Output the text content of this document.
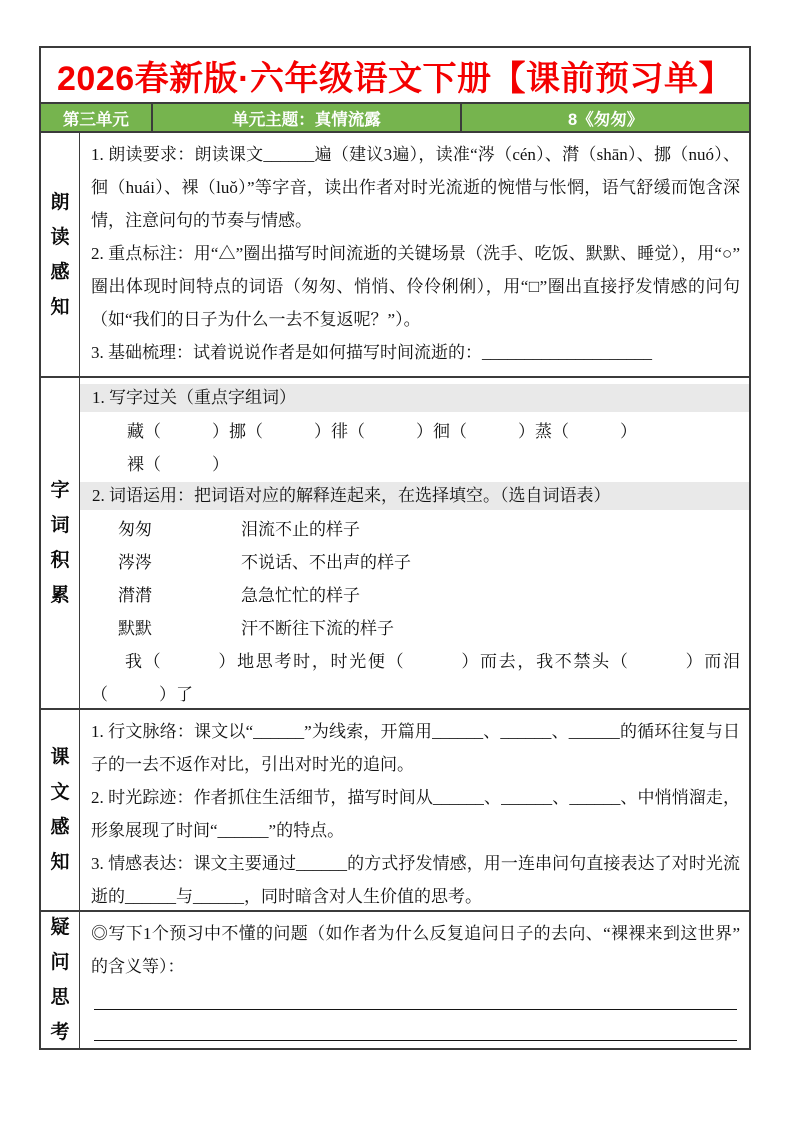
2026春新版·六年级语文下册【课前预习单】
第三单元	单元主题：真情流露	8《匆匆》
朗读感知
1. 朗读要求：朗读课文______遍（建议3遍），读准“涔（cén）、潸（shān）、挪（nuó）、徊（huái）、裸（luǒ）”等字音，读出作者对时光流逝的惋惜与怅惘，语气舒缓而饱含深情，注意问句的节奏与情感。
2. 重点标注：用“△”圈出描写时间流逝的关键场景（洗手、吃饭、默默、睡觉），用“○”圈出体现时间特点的词语（匆匆、悄悄、伶伶俐俐），用“□”圈出直接抒发情感的问句（如“我们的日子为什么一去不复返呢？”）。
3. 基础梳理：试着说说作者是如何描写时间流逝的：____________________
字词积累
1. 写字过关（重点字组词）
藏（　　　）挪（　　　）徘（　　　）徊（　　　）蒸（　　　）
裸（　　　）
2. 词语运用：把词语对应的解释连起来，在选择填空。（选自词语表）
匆匆	泪流不止的样子
涔涔	不说话、不出声的样子
潸潸	急急忙忙的样子
默默	汗不断往下流的样子
我（　　　）地思考时，时光便（　　　）而去，我不禁头（　　　）而泪（　　　）了
课文感知
1. 行文脉络：课文以“______”为线索，开篇用______、______、______的循环往复与日子的一去不返作对比，引出对时光的追问。
2. 时光踪迹：作者抓住生活细节，描写时间从______、______、______、中悄悄溜走，形象展现了时间“______”的特点。
3. 情感表达：课文主要通过______的方式抒发情感，用一连串问句直接表达了对时光流逝的______与______，同时暗含对人生价值的思考。
疑问思考
◎写下1个预习中不懂的问题（如作者为什么反复追问日子的去向、“裸裸来到这世界”的含义等）：
